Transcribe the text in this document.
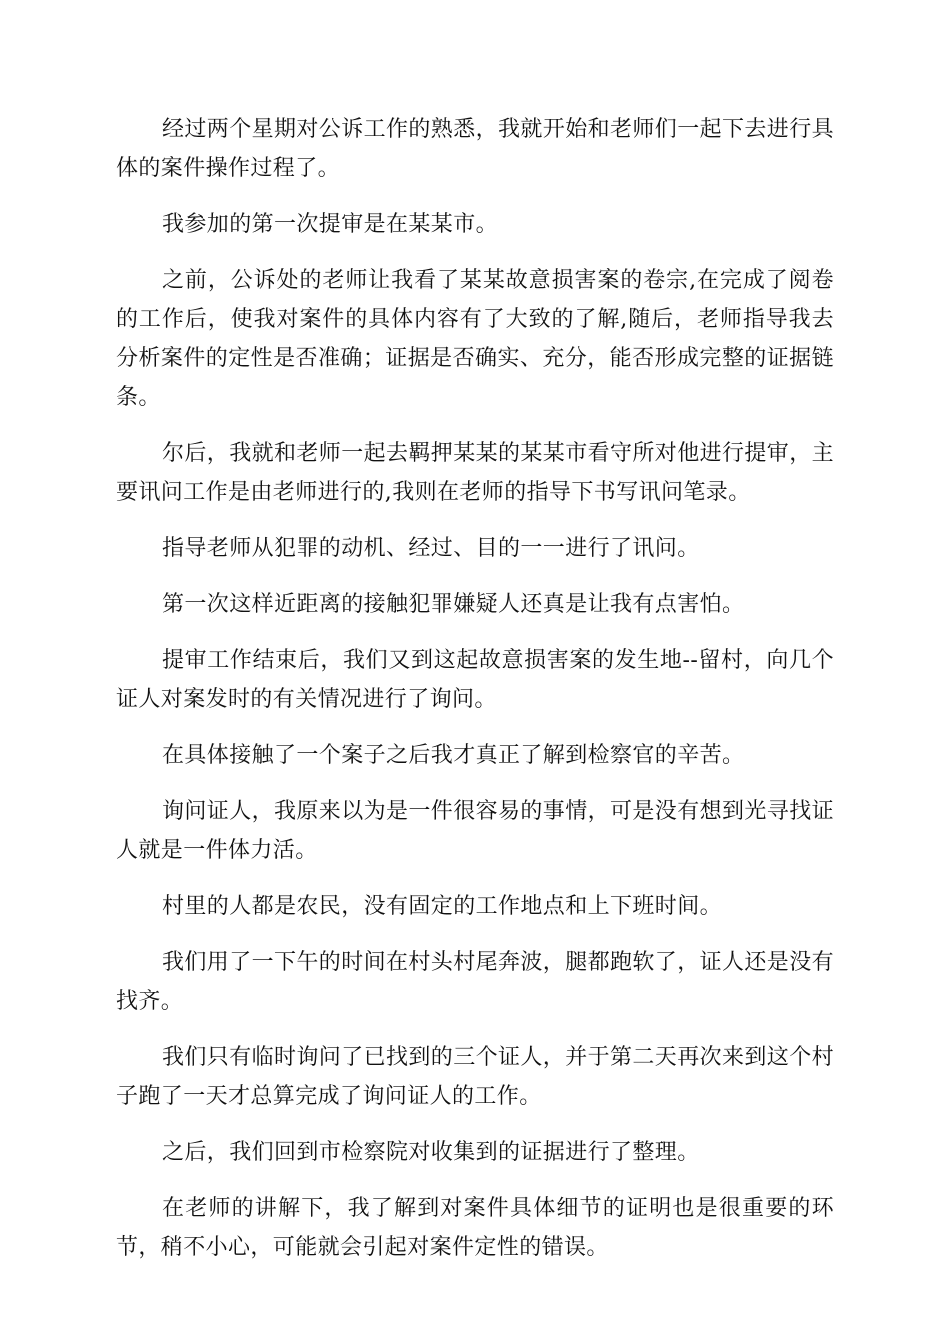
经过两个星期对公诉工作的熟悉，我就开始和老师们一起下去进行具体的案件操作过程了。

我参加的第一次提审是在某某市。

之前，公诉处的老师让我看了某某故意损害案的卷宗,在完成了阅卷的工作后，使我对案件的具体内容有了大致的了解,随后，老师指导我去分析案件的定性是否准确；证据是否确实、充分，能否形成完整的证据链条。

尔后，我就和老师一起去羁押某某的某某市看守所对他进行提审，主要讯问工作是由老师进行的,我则在老师的指导下书写讯问笔录。

指导老师从犯罪的动机、经过、目的一一进行了讯问。

第一次这样近距离的接触犯罪嫌疑人还真是让我有点害怕。

提审工作结束后，我们又到这起故意损害案的发生地--留村，向几个证人对案发时的有关情况进行了询问。

在具体接触了一个案子之后我才真正了解到检察官的辛苦。

询问证人，我原来以为是一件很容易的事情，可是没有想到光寻找证人就是一件体力活。

村里的人都是农民，没有固定的工作地点和上下班时间。

我们用了一下午的时间在村头村尾奔波，腿都跑软了，证人还是没有找齐。

我们只有临时询问了已找到的三个证人，并于第二天再次来到这个村子跑了一天才总算完成了询问证人的工作。

之后，我们回到市检察院对收集到的证据进行了整理。

在老师的讲解下，我了解到对案件具体细节的证明也是很重要的环节，稍不小心，可能就会引起对案件定性的错误。
